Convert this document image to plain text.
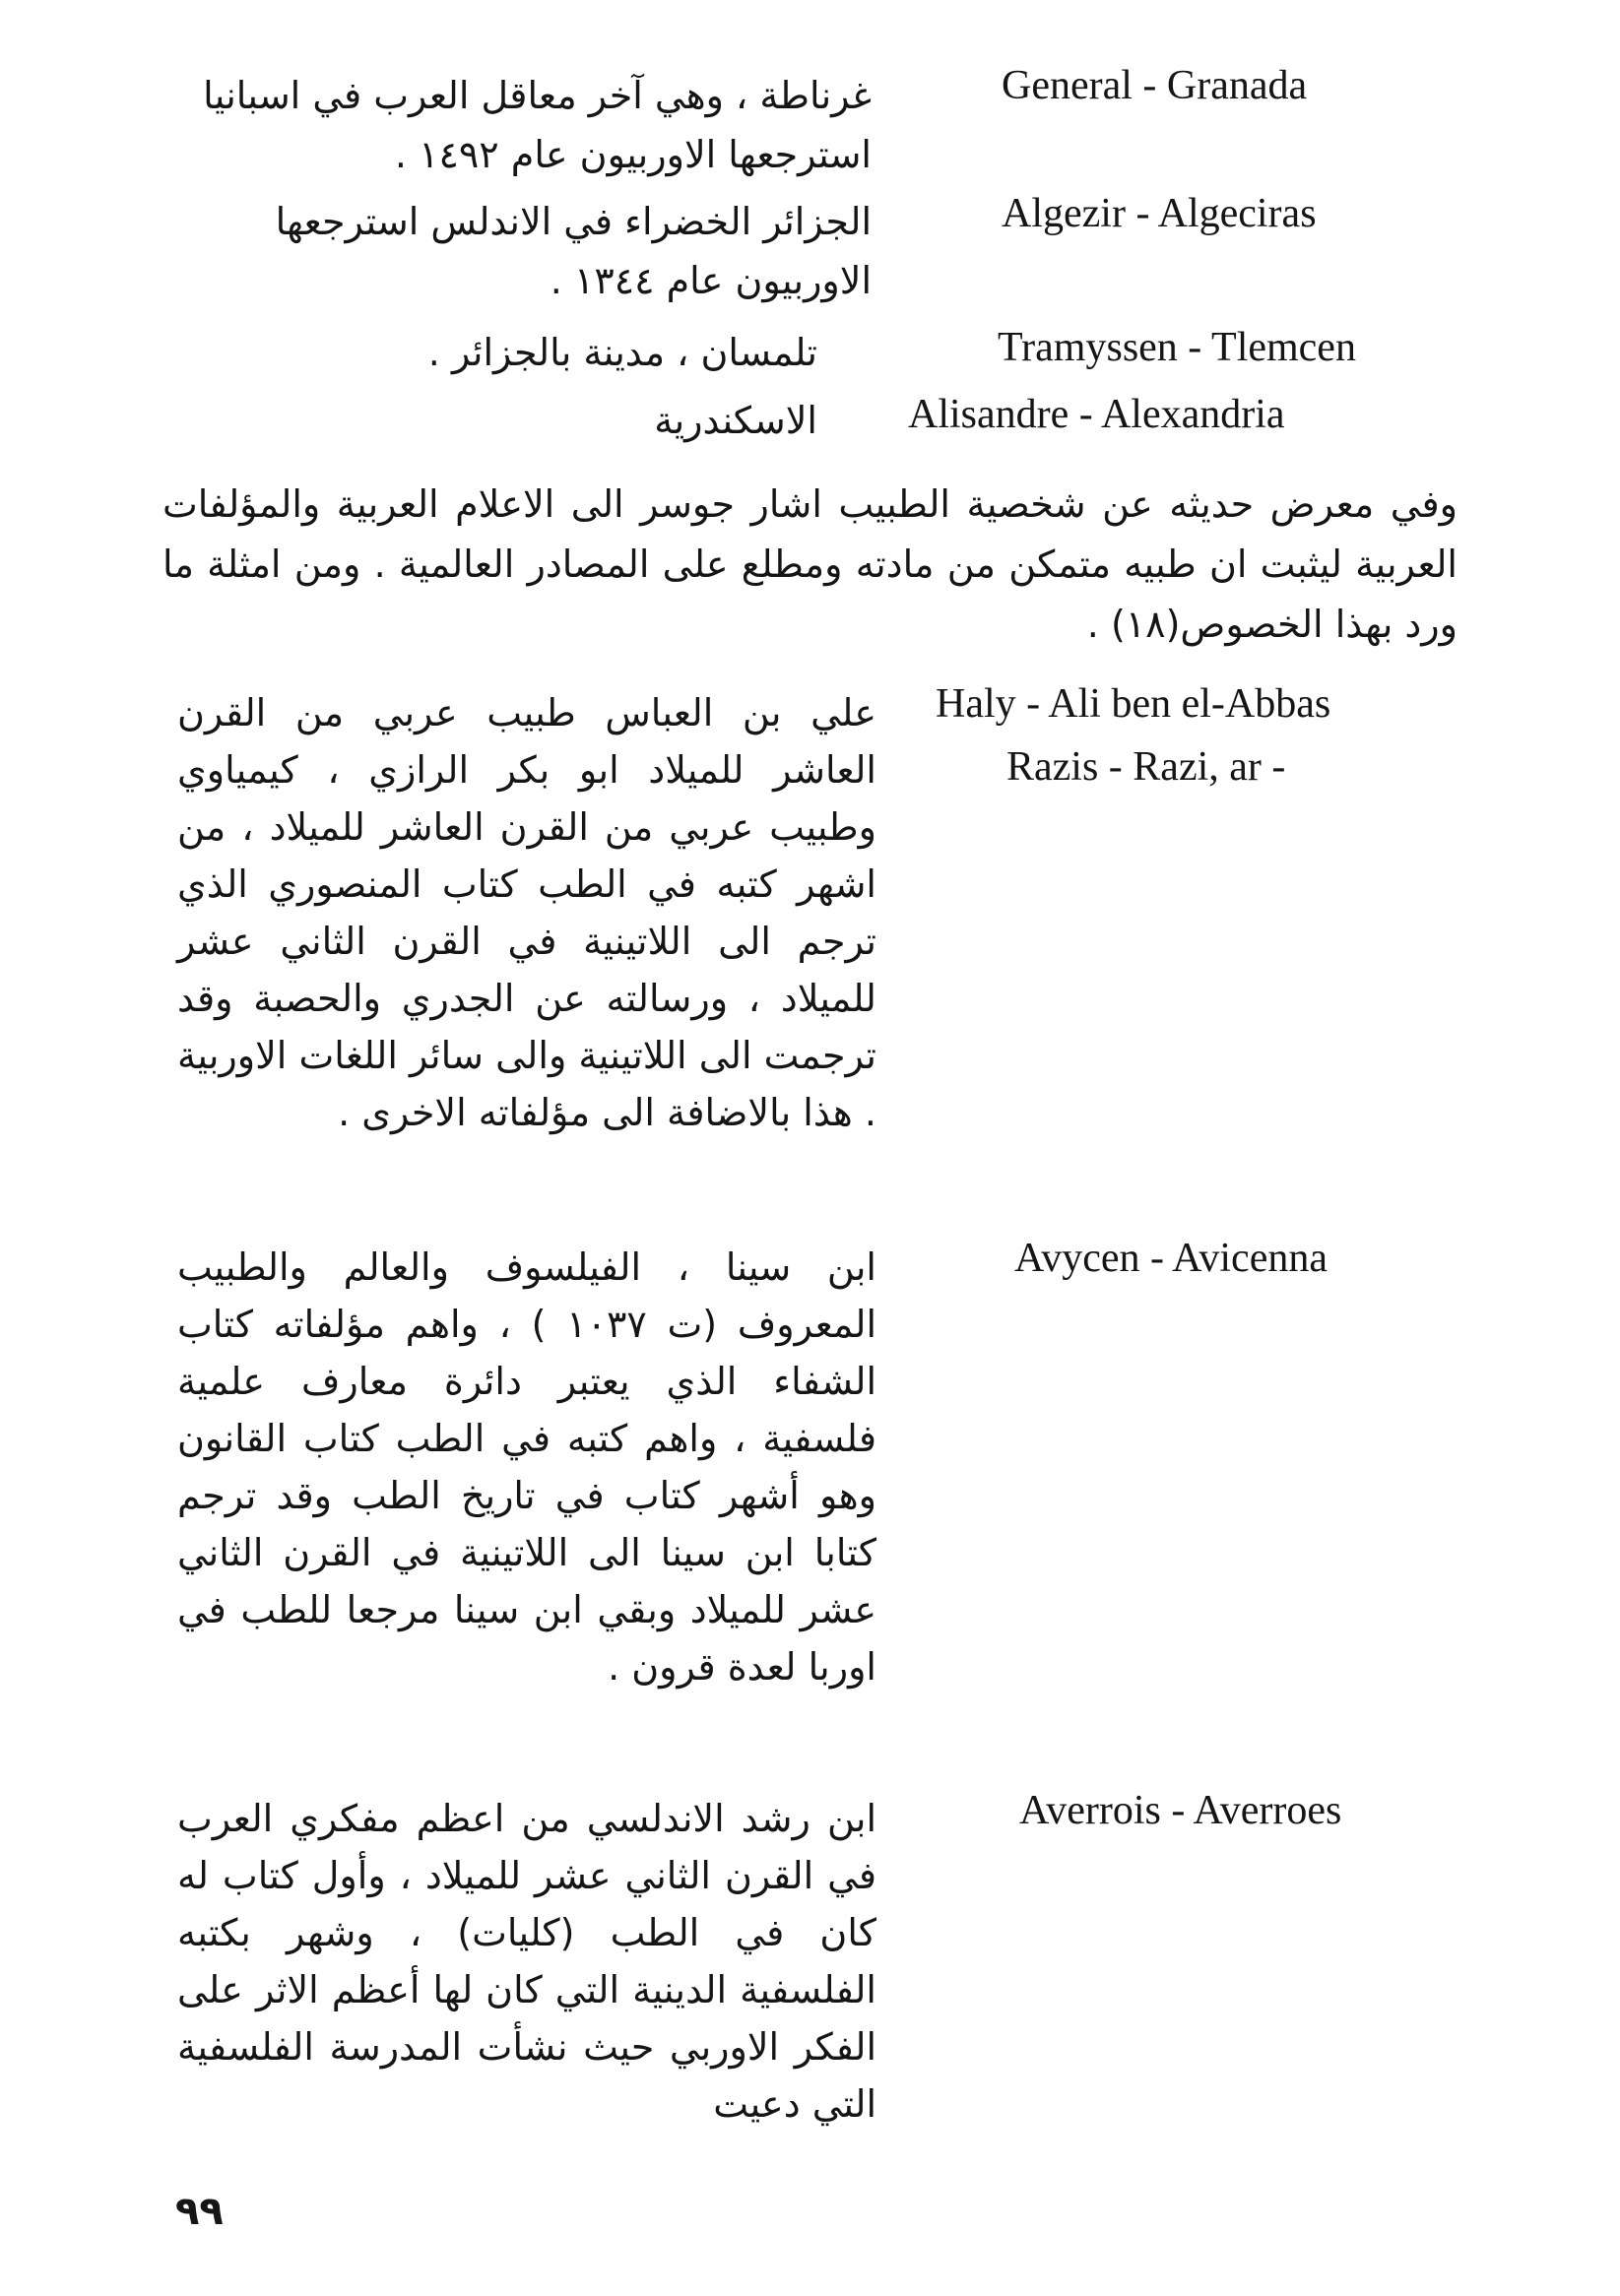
General - Granada
غرناطة ، وهي آخر معاقل العرب في اسبانيا استرجعها الاوربيون عام ١٤٩٢ .
Algezir - Algeciras
الجزائر الخضراء في الاندلس استرجعها الاوربيون عام ١٣٤٤ .
Tramyssen - Tlemcen
تلمسان ، مدينة بالجزائر .
Alisandre - Alexandria
الاسكندرية
وفي معرض حديثه عن شخصية الطبيب اشار جوسر الى الاعلام العربية والمؤلفات العربية ليثبت ان طبيه متمكن من مادته ومطلع على المصادر العالمية . ومن امثلة ما ورد بهذا الخصوص(١٨) .
Haly - Ali ben el-Abbas
Razis - Razi, ar -
علي بن العباس طبيب عربي من القرن العاشر للميلاد ابو بكر الرازي ، كيمياوي وطبيب عربي من القرن العاشر للميلاد ، من اشهر كتبه في الطب كتاب المنصوري الذي ترجم الى اللاتينية في القرن الثاني عشر للميلاد ، ورسالته عن الجدري والحصبة وقد ترجمت الى اللاتينية والى سائر اللغات الاوربية . هذا بالاضافة الى مؤلفاته الاخرى .
Avycen - Avicenna
ابن سينا ، الفيلسوف والعالم والطبيب المعروف (ت ١٠٣٧ ) ، واهم مؤلفاته كتاب الشفاء الذي يعتبر دائرة معارف علمية فلسفية ، واهم كتبه في الطب كتاب القانون وهو أشهر كتاب في تاريخ الطب وقد ترجم كتابا ابن سينا الى اللاتينية في القرن الثاني عشر للميلاد وبقي ابن سينا مرجعا للطب في اوربا لعدة قرون .
Averrois - Averroes
ابن رشد الاندلسي من اعظم مفكري العرب في القرن الثاني عشر للميلاد ، وأول كتاب له كان في الطب (كليات) ، وشهر بكتبه الفلسفية الدينية التي كان لها أعظم الاثر على الفكر الاوربي حيث نشأت المدرسة الفلسفية التي دعيت
٩٩
